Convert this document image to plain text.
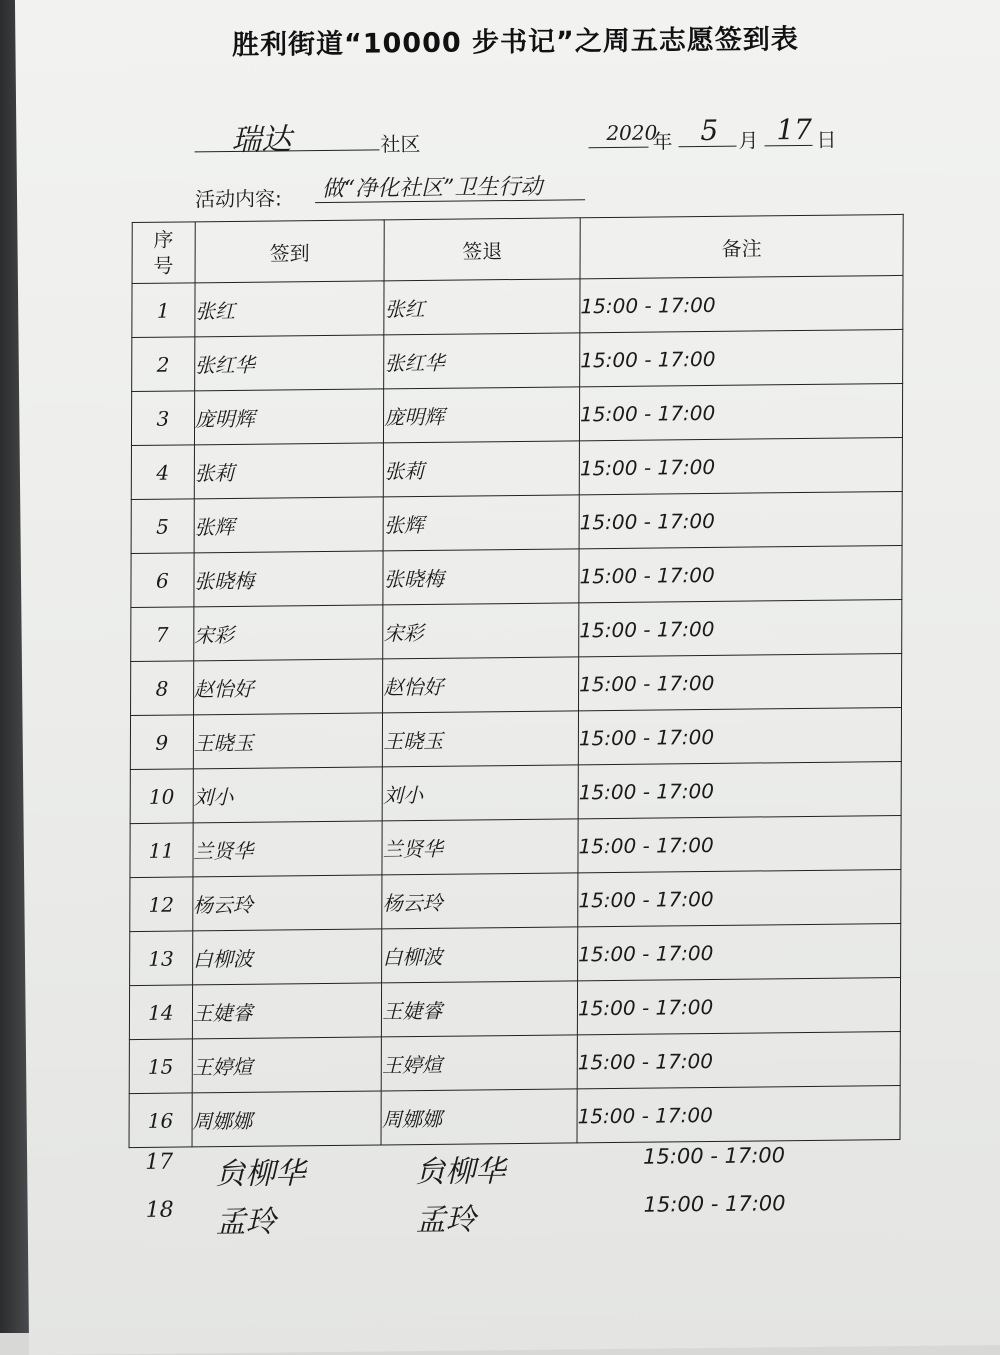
胜利街道“10000 步书记”之周五志愿签到表
瑞达	社区	2020
年 5 月 17 日
活动内容: 做“净化社区”卫生行动
序号	签到	签退	备注
1	张红	张红	15:00 - 17:00
2	张红华	张红华	15:00 - 17:00
3	庞明辉	庞明辉	15:00 - 17:00
4	张莉	张莉	15:00 - 17:00
5	张辉	张辉	15:00 - 17:00
6	张晓梅	张晓梅	15:00 - 17:00
7	宋彩	宋彩	15:00 - 17:00
8	赵怡好	赵怡好	15:00 - 17:00
9	王晓玉	王晓玉	15:00 - 17:00
10	刘小	刘小	15:00 - 17:00
11	兰贤华	兰贤华	15:00 - 17:00
12	杨云玲	杨云玲	15:00 - 17:00
13	白柳波	白柳波	15:00 - 17:00
14	王婕睿	王婕睿	15:00 - 17:00
15	王婷煊	王婷煊	15:00 - 17:00
16	周娜娜	周娜娜	15:00 - 17:00
17 贠柳华	贠柳华	15:00 - 17:00
18 孟玲	孟玲	15:00 - 17:00
